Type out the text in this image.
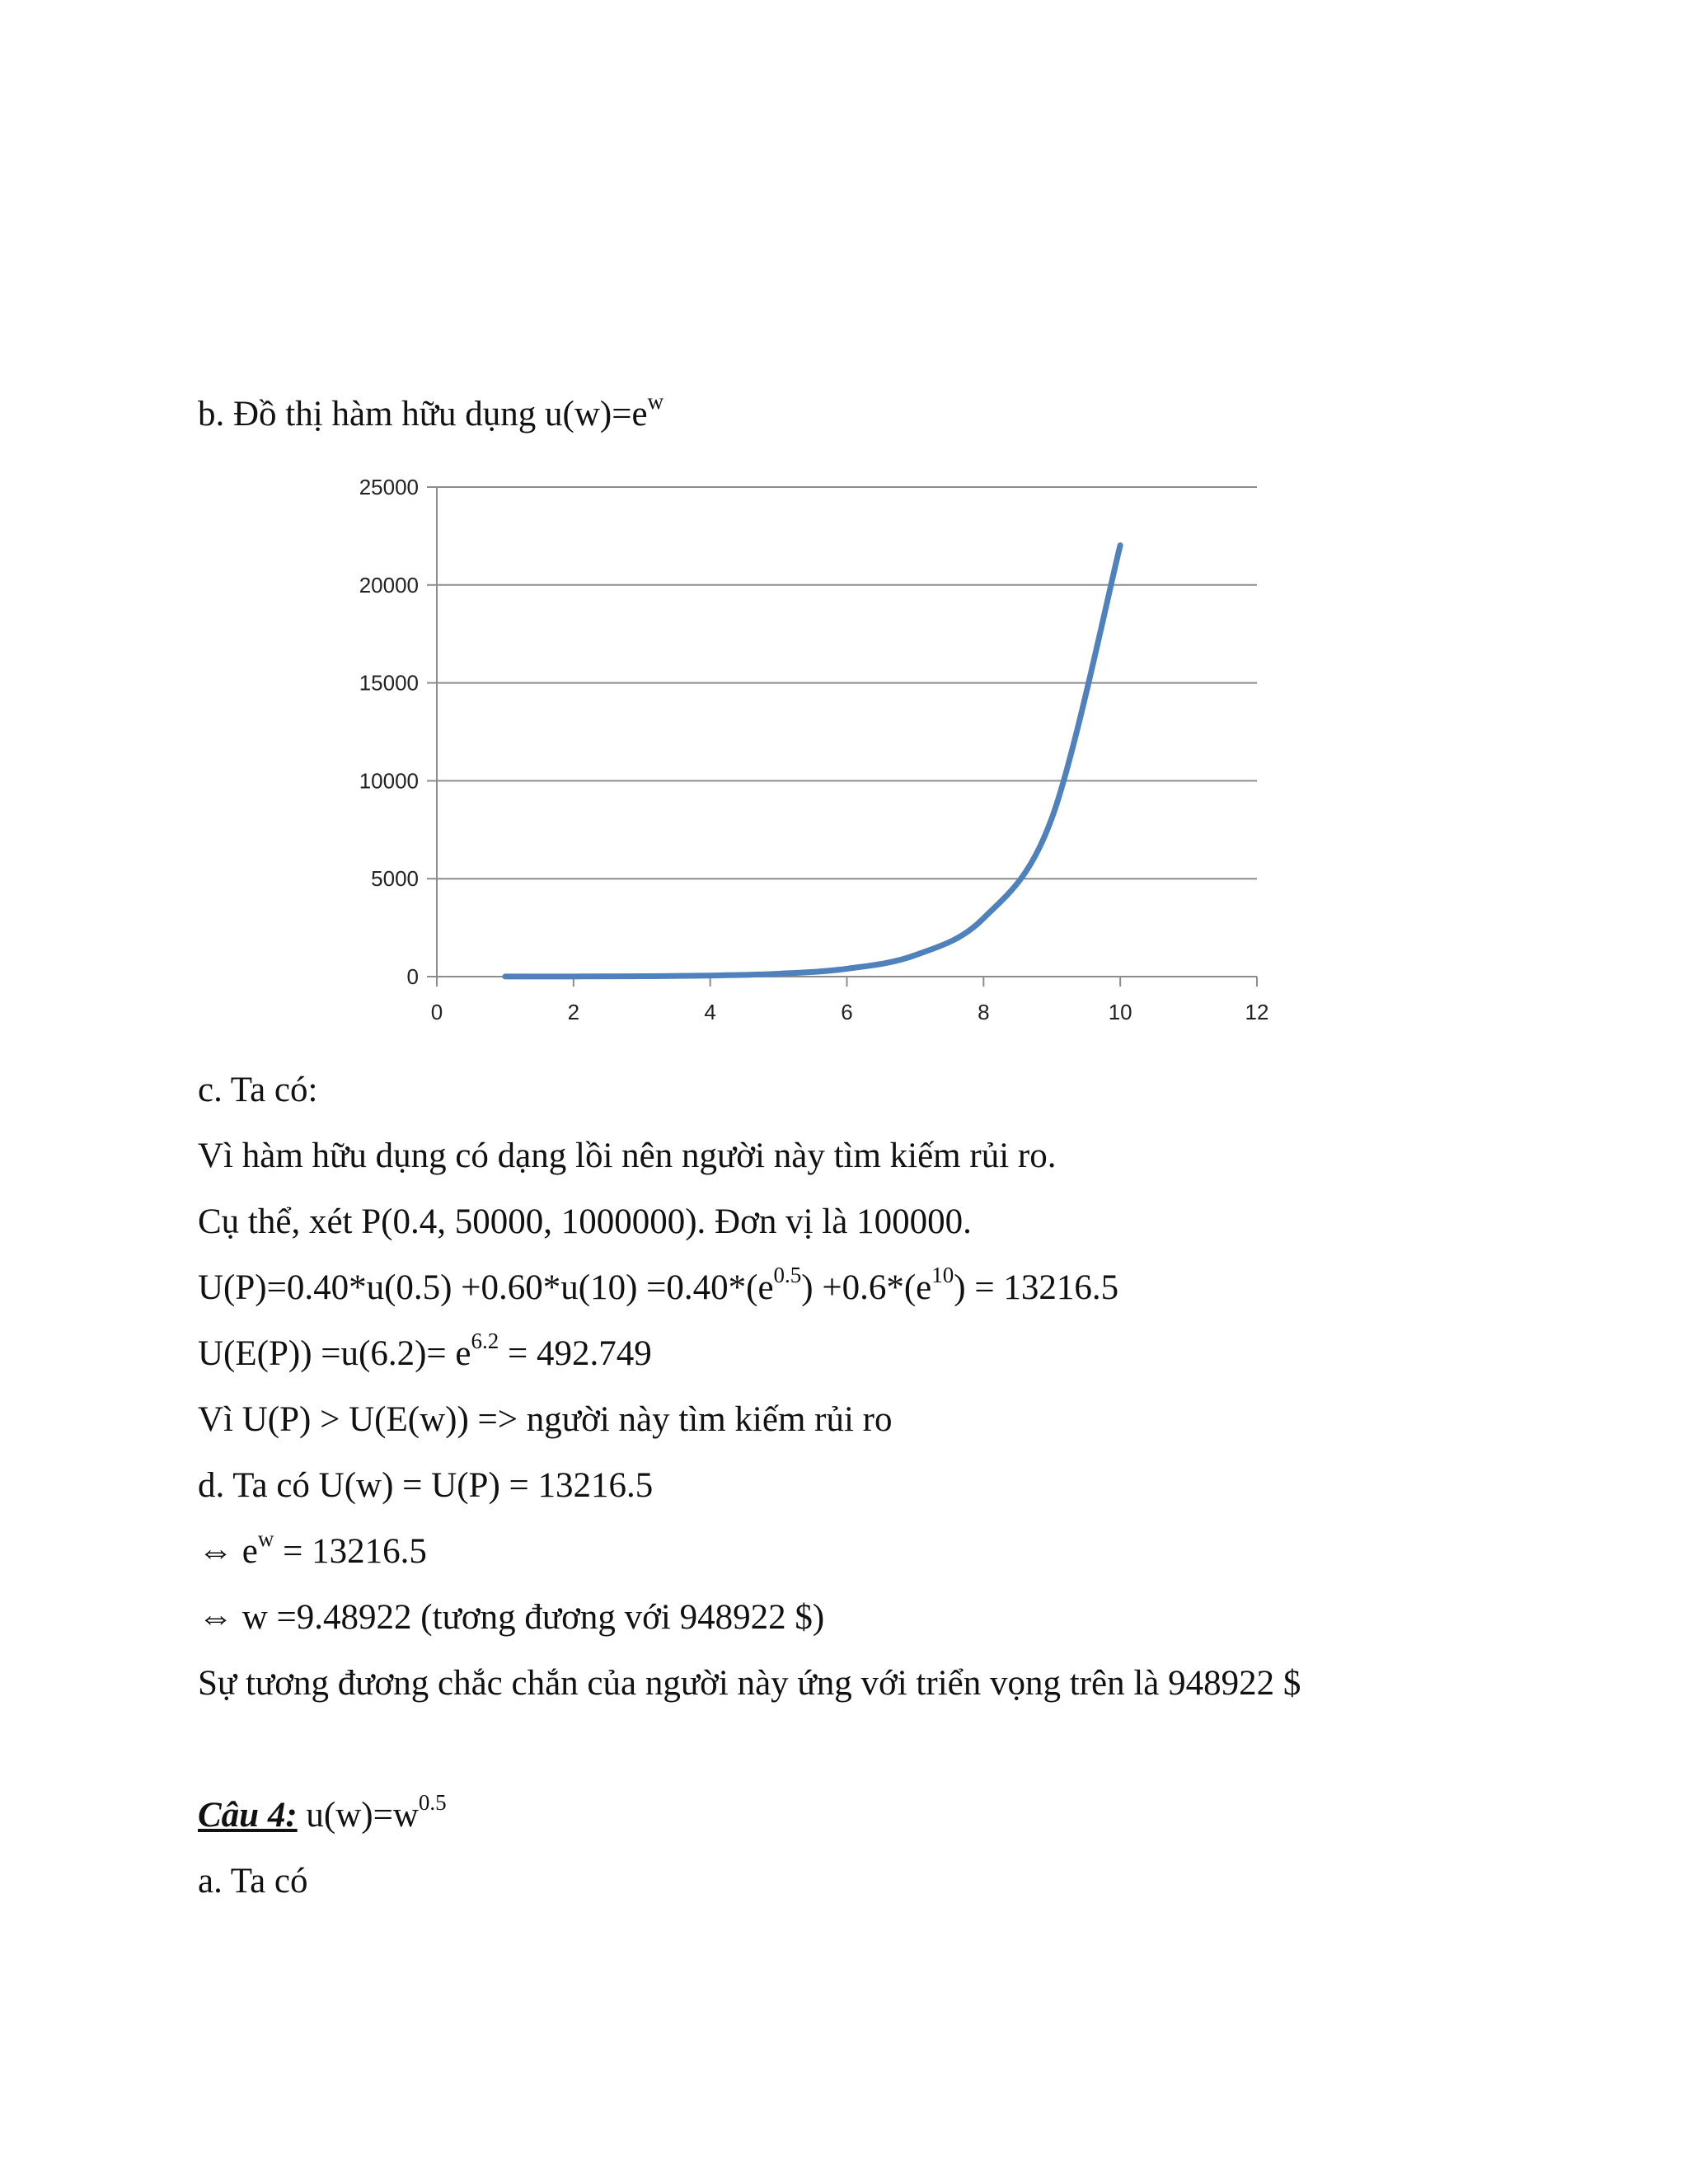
b. Đồ thị hàm hữu dụng $u(w)=e^w$

0
5000
10000
15000
20000
25000
0	2	4	6	8	10	12

c. Ta có:

Vì hàm hữu dụng có dạng lồi nên người này tìm kiếm rủi ro.

Cụ thể, xét P(0.4, 50000, 1000000). Đơn vị là 100000.

$U(P)=0.40*u(0.5) +0.60*u(10) =0.40*(e^{0.5}) +0.6*(e^{10}) = 13216.5$

$U(E(P)) =u(6.2)= e^{6.2} = 492.749$

Vì U(P) > U(E(w)) => người này tìm kiếm rủi ro

d. Ta có U(w) = U(P) = 13216.5

⇔ $e^w = 13216.5$

⇔ w =9.48922 (tương đương với 948922 $)

Sự tương đương chắc chắn của người này ứng với triển vọng trên là 948922 $

Câu 4: $u(w)=w^{0.5}$

a. Ta có
